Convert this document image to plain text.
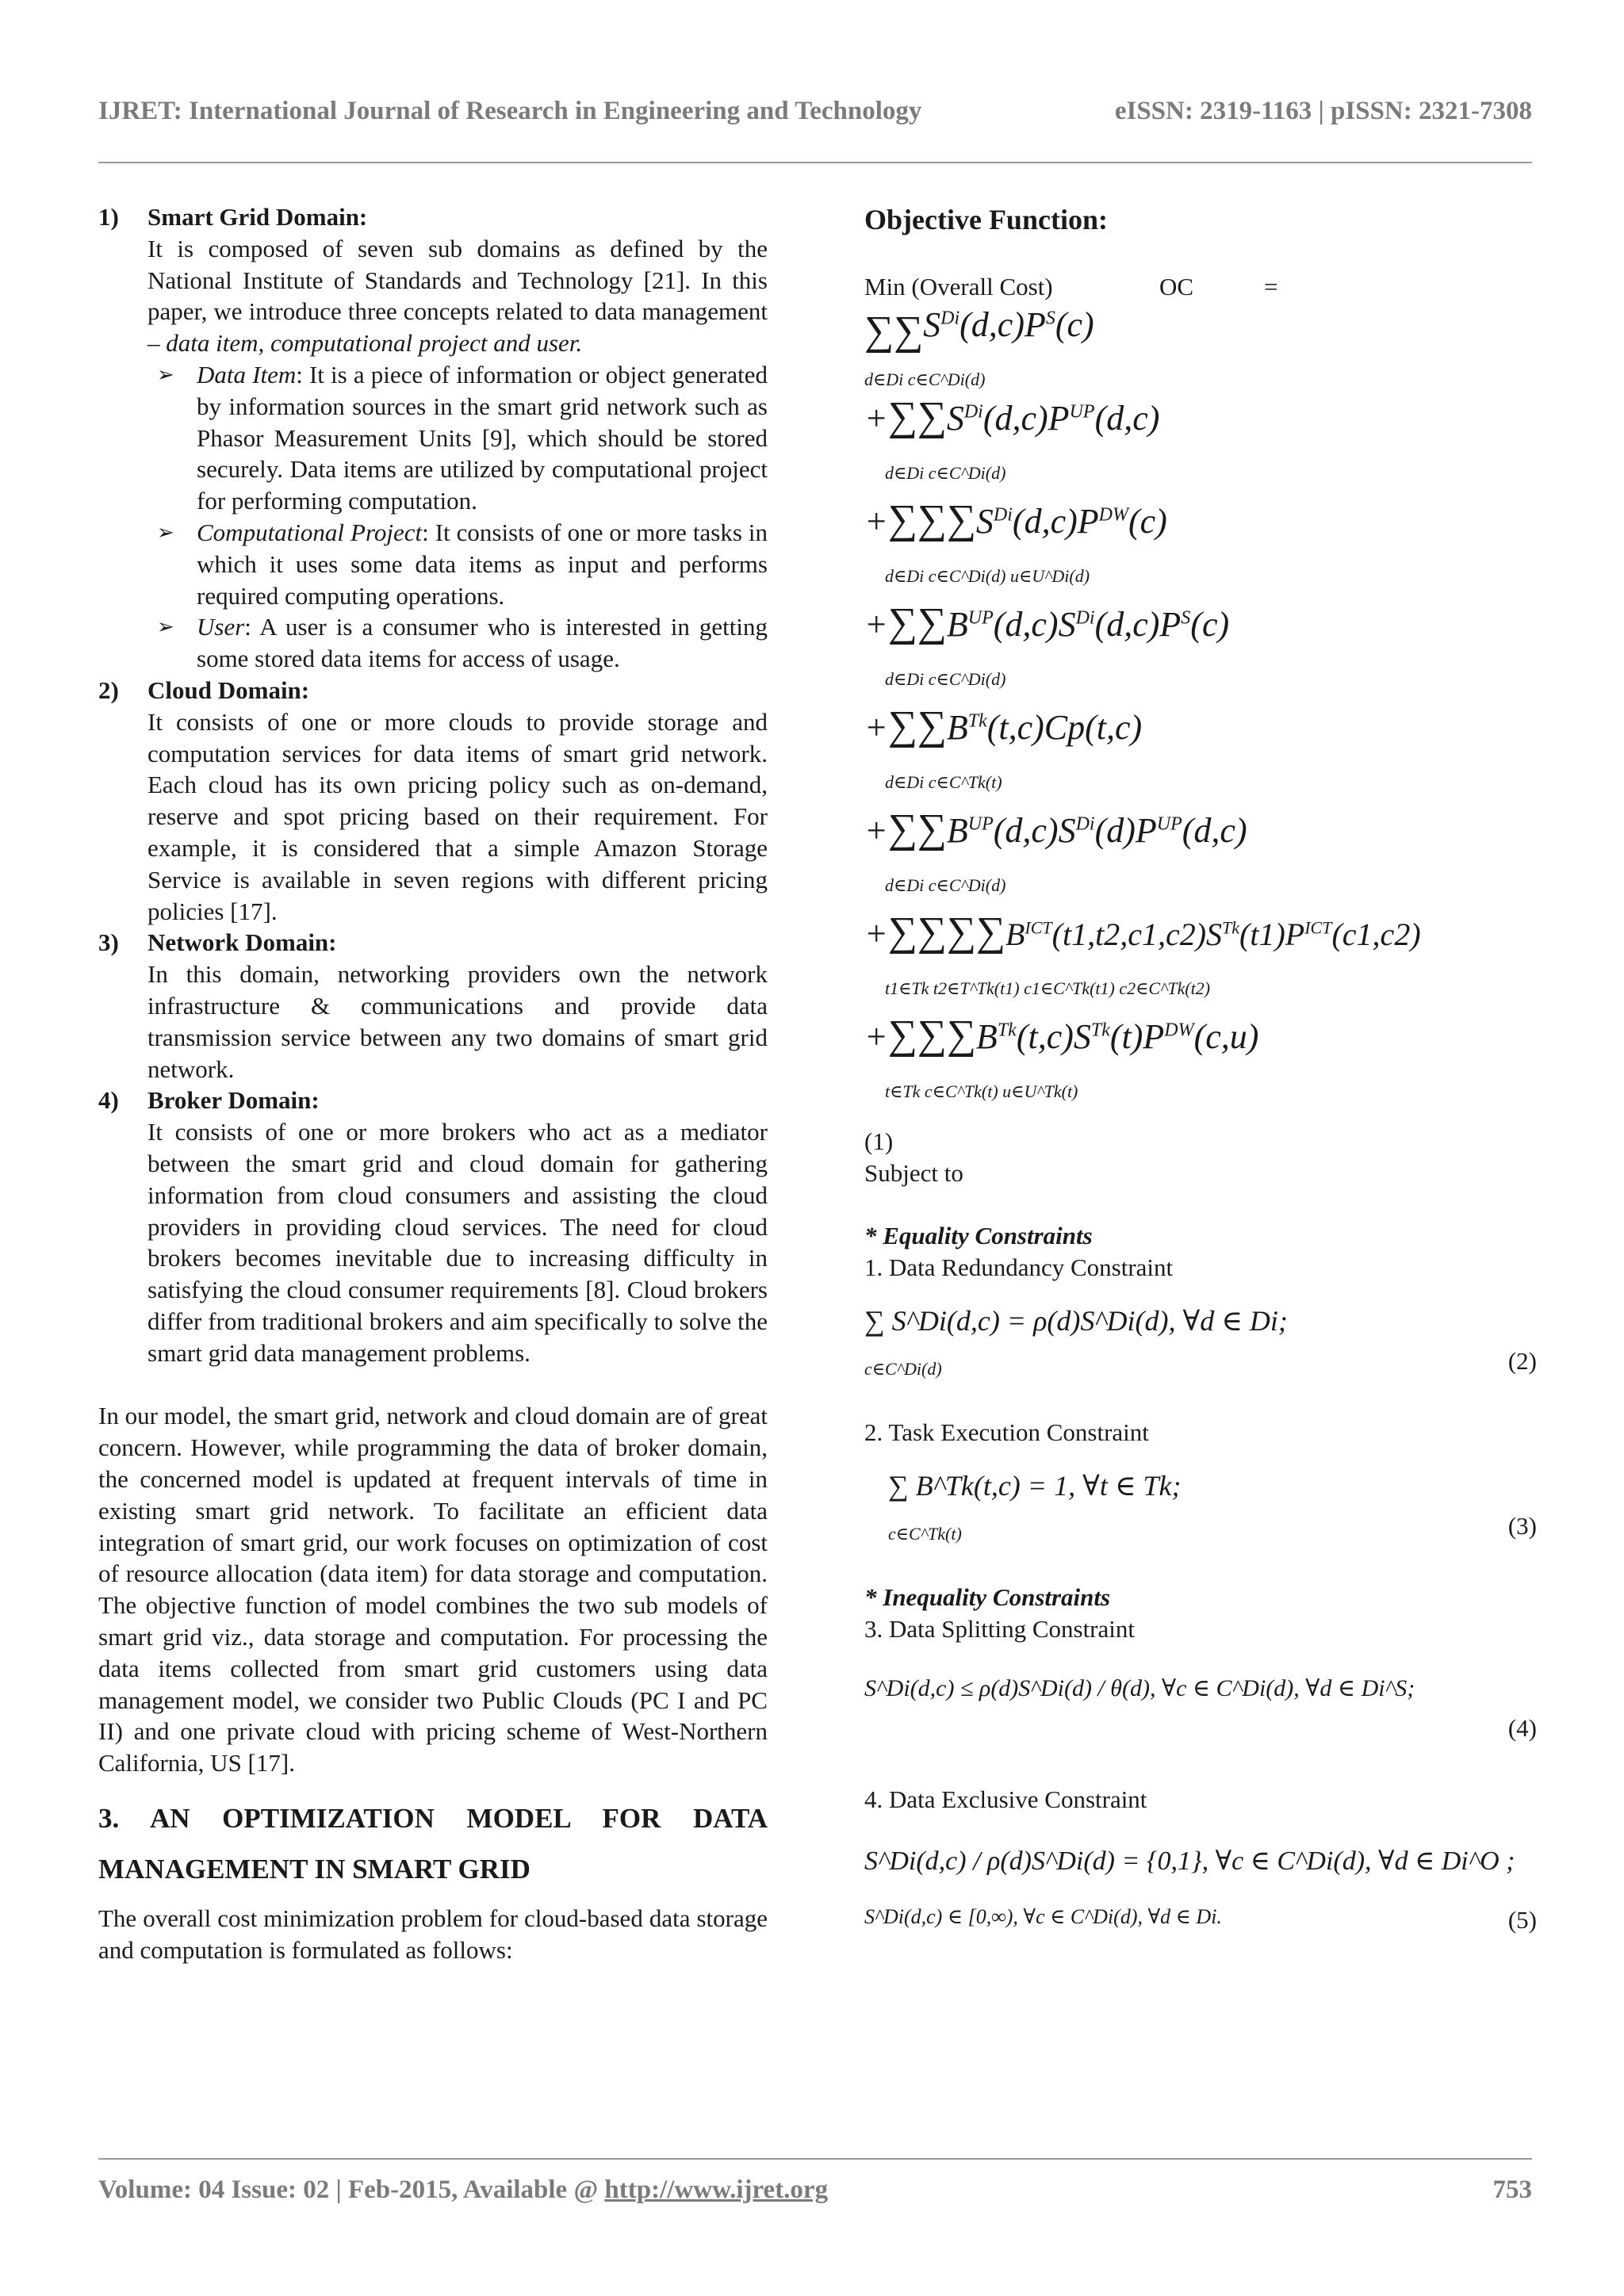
IJRET: International Journal of Research in Engineering and Technology	eISSN: 2319-1163 | pISSN: 2321-7308
1) Smart Grid Domain:
It is composed of seven sub domains as defined by the National Institute of Standards and Technology [21]. In this paper, we introduce three concepts related to data management – data item, computational project and user.
➢ Data Item: It is a piece of information or object generated by information sources in the smart grid network such as Phasor Measurement Units [9], which should be stored securely. Data items are utilized by computational project for performing computation.
➢ Computational Project: It consists of one or more tasks in which it uses some data items as input and performs required computing operations.
➢ User: A user is a consumer who is interested in getting some stored data items for access of usage.
2) Cloud Domain:
It consists of one or more clouds to provide storage and computation services for data items of smart grid network. Each cloud has its own pricing policy such as on-demand, reserve and spot pricing based on their requirement. For example, it is considered that a simple Amazon Storage Service is available in seven regions with different pricing policies [17].
3) Network Domain:
In this domain, networking providers own the network infrastructure & communications and provide data transmission service between any two domains of smart grid network.
4) Broker Domain:
It consists of one or more brokers who act as a mediator between the smart grid and cloud domain for gathering information from cloud consumers and assisting the cloud providers in providing cloud services. The need for cloud brokers becomes inevitable due to increasing difficulty in satisfying the cloud consumer requirements [8]. Cloud brokers differ from traditional brokers and aim specifically to solve the smart grid data management problems.

In our model, the smart grid, network and cloud domain are of great concern. However, while programming the data of broker domain, the concerned model is updated at frequent intervals of time in existing smart grid network. To facilitate an efficient data integration of smart grid, our work focuses on optimization of cost of resource allocation (data item) for data storage and computation. The objective function of model combines the two sub models of smart grid viz., data storage and computation. For processing the data items collected from smart grid customers using data management model, we consider two Public Clouds (PC I and PC II) and one private cloud with pricing scheme of West-Northern California, US [17].

3. AN OPTIMIZATION MODEL FOR DATA MANAGEMENT IN SMART GRID

The overall cost minimization problem for cloud-based data storage and computation is formulated as follows:

Objective Function:
Min (Overall Cost)	OC	=
$\sum\sum S^{Di}(d,c)P^S(c)$
d∈Di c∈C^Di(d)
$+\sum\sum S^{Di}(d,c)P^{UP}(d,c)$
d∈Di c∈C^Di(d)
$+\sum\sum\sum S^{Di}(d,c)P^{DW}(c)$
d∈Di c∈C^Di(d) u∈U^Di(d)
$+\sum\sum B^{UP}(d,c)S^{Di}(d,c)P^S(c)$
d∈Di c∈C^Di(d)
$+\sum\sum B^{Tk}(t,c)Cp(t,c)$
d∈Di c∈C^Tk(t)
$+\sum\sum B^{UP}(d,c)S^{Di}(d)P^{UP}(d,c)$
d∈Di c∈C^Di(d)
$+\sum\sum\sum\sum B^{ICT}(t1,t2,c1,c2)S^{Tk}(t1)P^{ICT}(c1,c2)$
t1∈Tk t2∈T^Tk(t1) c1∈C^Tk(t1) c2∈C^Tk(t2)
$+\sum\sum\sum B^{Tk}(t,c)S^{Tk}(t)P^{DW}(c,u)$
t∈Tk c∈C^Tk(t) u∈U^Tk(t)
(1)
Subject to
* Equality Constraints
1. Data Redundancy Constraint
∑ S^Di(d,c) = ρ(d)S^Di(d), ∀d ∈ Di;
c∈C^Di(d)	(2)
2. Task Execution Constraint
∑ B^Tk(t,c) = 1, ∀t ∈ Tk;
c∈C^Tk(t)	(3)
* Inequality Constraints
3. Data Splitting Constraint
S^Di(d,c) ≤ ρ(d)S^Di(d) / θ(d), ∀c ∈ C^Di(d), ∀d ∈ Di^S;
(4)
4. Data Exclusive Constraint
S^Di(d,c) / ρ(d)S^Di(d) = {0,1}, ∀c ∈ C^Di(d), ∀d ∈ Di^O ;
S^Di(d,c) ∈ [0,∞), ∀c ∈ C^Di(d), ∀d ∈ Di.	(5)
Volume: 04 Issue: 02 | Feb-2015, Available @ http://www.ijret.org	753
